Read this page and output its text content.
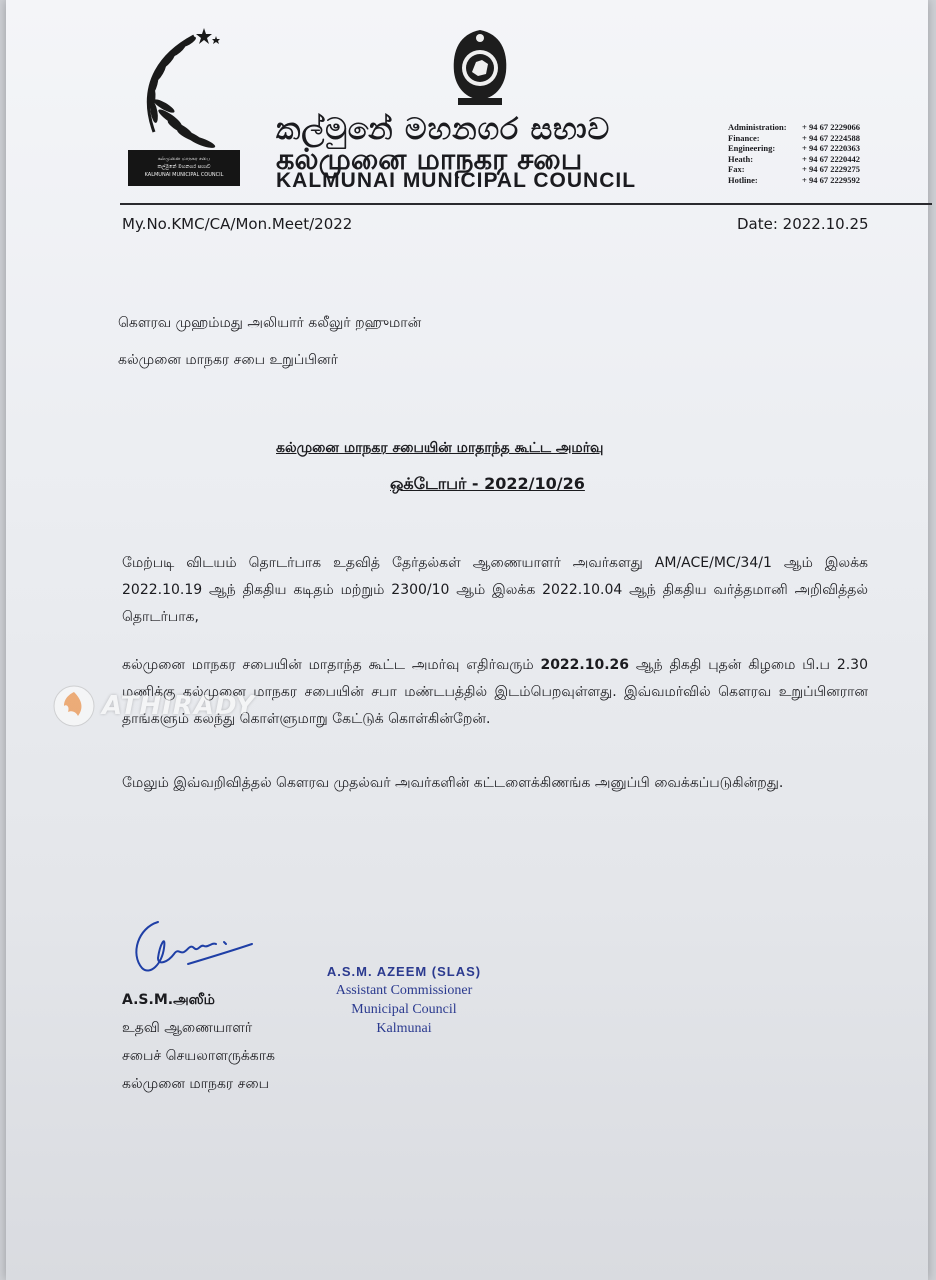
கல்முனை மாநகர சபை
කල්මුනේ මහනගර සභාව
KALMUNAI MUNICIPAL COUNCIL
කල්මුනේ මහනගර සභාව
கல்முனை மாநகர சபை
KALMUNAI MUNICIPAL COUNCIL
Administration:	+ 94 67 2229066
Finance:	+ 94 67 2224588
Engineering:	+ 94 67 2220363
Heath:	+ 94 67 2220442
Fax:	+ 94 67 2229275
Hotline:	+ 94 67 2229592
My.No.KMC/CA/Mon.Meet/2022	Date: 2022.10.25
கௌரவ முஹம்மது அலியார் கலீலுர் றஹுமான்
கல்முனை மாநகர சபை உறுப்பினர்
கல்முனை மாநகர சபையின் மாதாந்த கூட்ட அமர்வு
ஒக்டோபர் - 2022/10/26
மேற்படி விடயம் தொடர்பாக உதவித் தேர்தல்கள் ஆணையாளர் அவர்களது AM/ACE/MC/34/1 ஆம் இலக்க 2022.10.19 ஆந் திகதிய கடிதம் மற்றும் 2300/10 ஆம் இலக்க 2022.10.04 ஆந் திகதிய வர்த்தமானி அறிவித்தல் தொடர்பாக,
கல்முனை மாநகர சபையின் மாதாந்த கூட்ட அமர்வு எதிர்வரும் 2022.10.26 ஆந் திகதி புதன் கிழமை பி.ப 2.30 மணிக்கு கல்முனை மாநகர சபையின் சபா மண்டபத்தில் இடம்பெறவுள்ளது. இவ்வமர்வில் கௌரவ உறுப்பினரான தாங்களும் கலந்து கொள்ளுமாறு கேட்டுக் கொள்கின்றேன்.
மேலும் இவ்வறிவித்தல் கௌரவ முதல்வர் அவர்களின் கட்டளைக்கிணங்க அனுப்பி வைக்கப்படுகின்றது.
ATHIRADY
A.S.M. AZEEM (SLAS)
Assistant Commissioner
Municipal Council
Kalmunai
A.S.M.அஸீம்
உதவி ஆணையாளர்
சபைச் செயலாளருக்காக
கல்முனை மாநகர சபை
